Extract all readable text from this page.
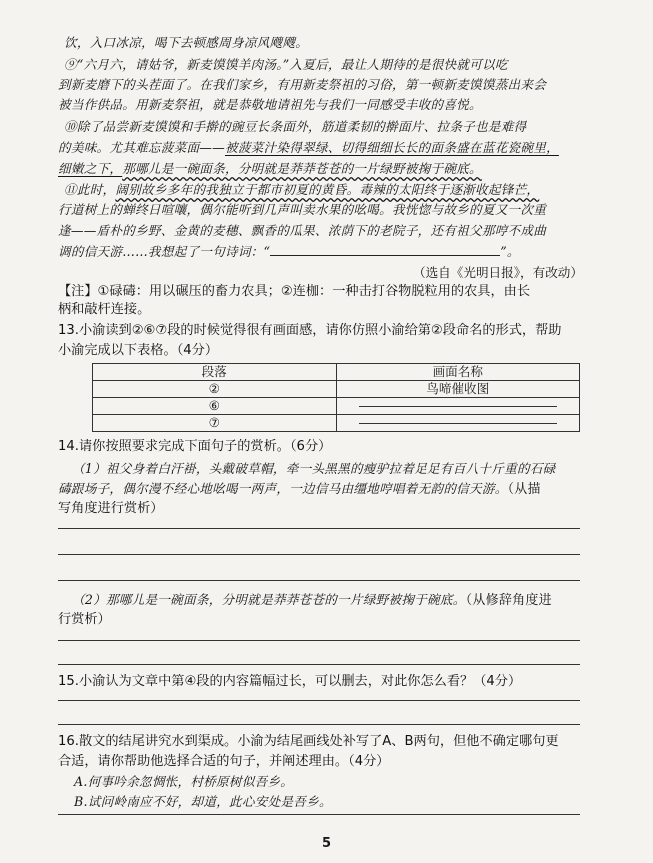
饮，入口冰凉，喝下去顿感周身凉风飕飕。
⑨“六月六，请姑爷，新麦馍馍羊肉汤。”入夏后，最让人期待的是很快就可以吃
到新麦磨下的头茬面了。在我们家乡，有用新麦祭祖的习俗，第一顿新麦馍馍蒸出来会
被当作供品。用新麦祭祖，就是恭敬地请祖先与我们一同感受丰收的喜悦。
⑩除了品尝新麦馍馍和手擀的豌豆长条面外，筋道柔韧的擀面片、拉条子也是难得
的美味。尤其难忘菠菜面——被菠菜汁染得翠绿、切得细细长长的面条盛在蓝花瓷碗里，
细嫩之下，那哪儿是一碗面条，分明就是莽莽苍苍的一片绿野被掬于碗底。
⑪此时，阔别故乡多年的我独立于都市初夏的黄昏。毒辣的太阳终于逐渐收起锋芒，
行道树上的蝉终日喧嚷，偶尔能听到几声叫卖水果的吆喝。我恍惚与故乡的夏又一次重
逢——盾朴的乡野、金黄的麦穗、飘香的瓜果、浓荫下的老院子，还有祖父那哼不成曲
调的信天游……我想起了一句诗词：“	”。
（选自《光明日报》，有改动）
【注】①碌碡：用以碾压的畜力农具；②连枷：一种击打谷物脱粒用的农具，由长
柄和敲杆连接。
13.小渝读到②⑥⑦段的时候觉得很有画面感，请你仿照小渝给第②段命名的形式，帮助
小渝完成以下表格。（4分）
段落	画面名称
②	鸟啼催收图
⑥	

⑦	
14.请你按照要求完成下面句子的赏析。（6分）
（1）祖父身着白汗褂，头戴破草帽，牵一头黑黑的瘦驴拉着足足有百八十斤重的石碌
碡跟场子，偶尔漫不经心地吆喝一两声，一边信马由缰地哼唱着无韵的信天游。（从描
写角度进行赏析）
（2）那哪儿是一碗面条，分明就是莽莽苍苍的一片绿野被掬于碗底。（从修辞角度进
行赏析）
15.小渝认为文章中第④段的内容篇幅过长，可以删去，对此你怎么看？（4分）
16.散文的结尾讲究水到渠成。小渝为结尾画线处补写了A、B两句，但他不确定哪句更
合适，请你帮助他选择合适的句子，并阐述理由。（4分）
A.何事吟余忽惆怅，村桥原树似吾乡。
B.试问岭南应不好，却道，此心安处是吾乡。
5
